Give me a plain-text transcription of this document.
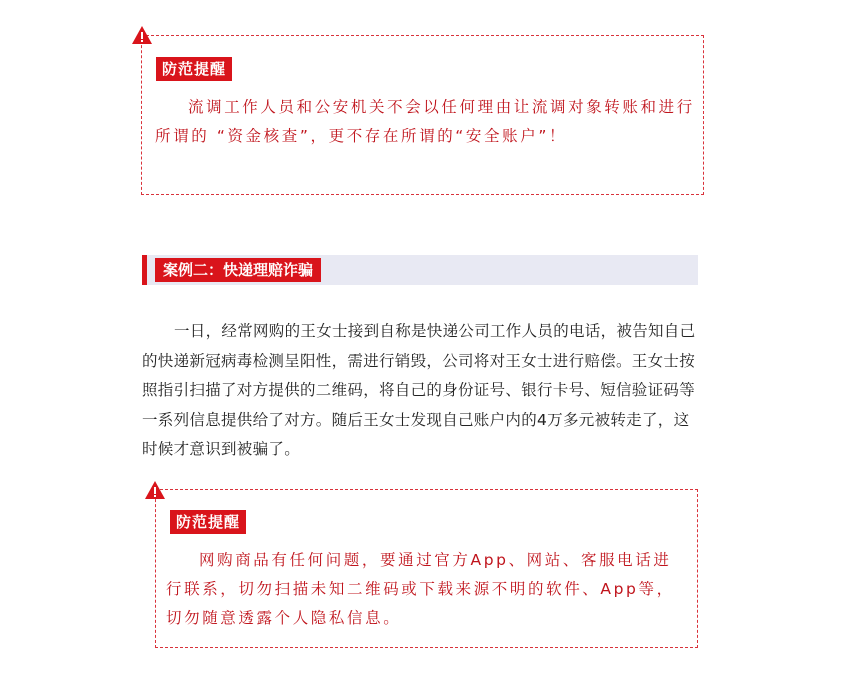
防范提醒

流调工作人员和公安机关不会以任何理由让流调对象转账和进行所谓的 “资金核查”，更不存在所谓的“安全账户”！

案例二：快递理赔诈骗

一日，经常网购的王女士接到自称是快递公司工作人员的电话，被告知自己的快递新冠病毒检测呈阳性，需进行销毁，公司将对王女士进行赔偿。王女士按照指引扫描了对方提供的二维码，将自己的身份证号、银行卡号、短信验证码等一系列信息提供给了对方。随后王女士发现自己账户内的4万多元被转走了，这时候才意识到被骗了。

防范提醒

网购商品有任何问题，要通过官方App、网站、客服电话进行联系，切勿扫描未知二维码或下载来源不明的软件、App等，切勿随意透露个人隐私信息。
